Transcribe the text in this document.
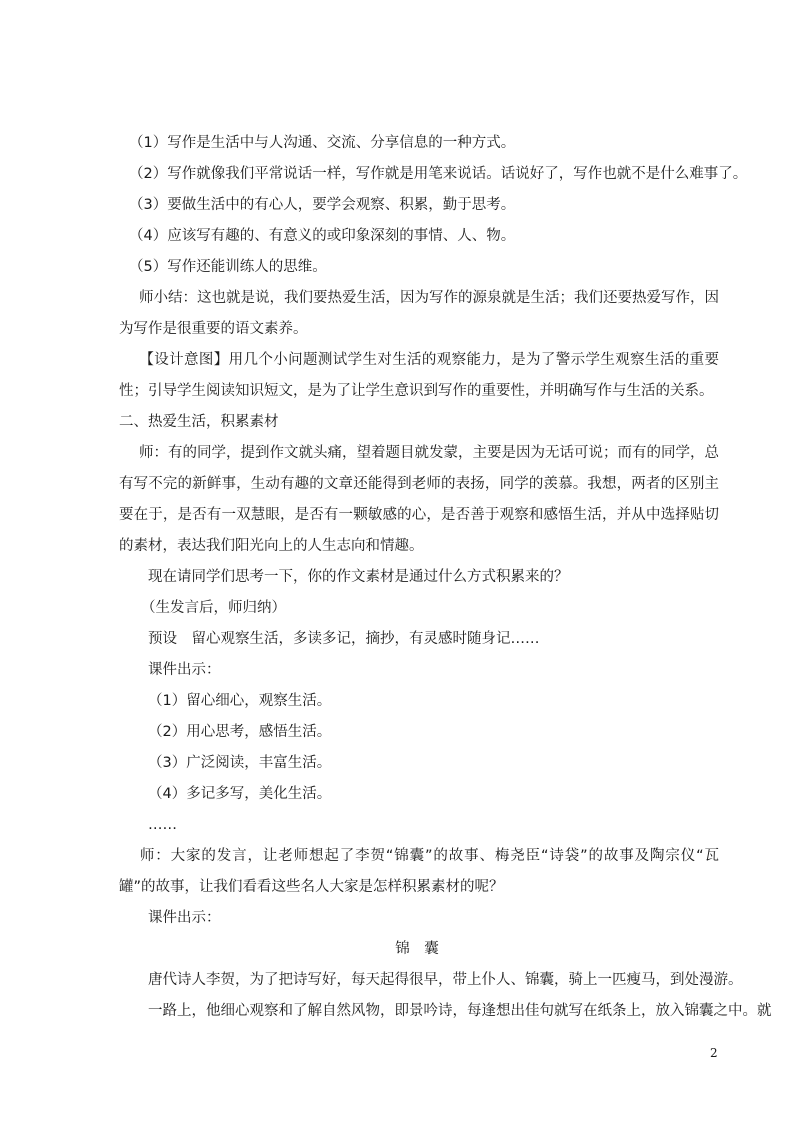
（1）写作是生活中与人沟通、交流、分享信息的一种方式。
（2）写作就像我们平常说话一样，写作就是用笔来说话。话说好了，写作也就不是什么难事了。
（3）要做生活中的有心人，要学会观察、积累，勤于思考。
（4）应该写有趣的、有意义的或印象深刻的事情、人、物。
（5）写作还能训练人的思维。
师小结：这也就是说，我们要热爱生活，因为写作的源泉就是生活；我们还要热爱写作，因为写作是很重要的语文素养。
【设计意图】用几个小问题测试学生对生活的观察能力，是为了警示学生观察生活的重要性；引导学生阅读知识短文，是为了让学生意识到写作的重要性，并明确写作与生活的关系。
二、热爱生活，积累素材
师：有的同学，提到作文就头痛，望着题目就发蒙，主要是因为无话可说；而有的同学，总有写不完的新鲜事，生动有趣的文章还能得到老师的表扬，同学的羡慕。我想，两者的区别主要在于，是否有一双慧眼，是否有一颗敏感的心，是否善于观察和感悟生活，并从中选择贴切的素材，表达我们阳光向上的人生志向和情趣。
现在请同学们思考一下，你的作文素材是通过什么方式积累来的？
（生发言后，师归纳）
预设　留心观察生活，多读多记，摘抄，有灵感时随身记……
课件出示：
（1）留心细心，观察生活。
（2）用心思考，感悟生活。
（3）广泛阅读，丰富生活。
（4）多记多写，美化生活。
……
师：大家的发言，让老师想起了李贺“锦囊”的故事、梅尧臣“诗袋”的故事及陶宗仪“瓦罐”的故事，让我们看看这些名人大家是怎样积累素材的呢？
课件出示：
锦　囊
唐代诗人李贺，为了把诗写好，每天起得很早，带上仆人、锦囊，骑上一匹瘦马，到处漫游。
一路上，他细心观察和了解自然风物，即景吟诗，每逢想出佳句就写在纸条上，放入锦囊之中。就
2
